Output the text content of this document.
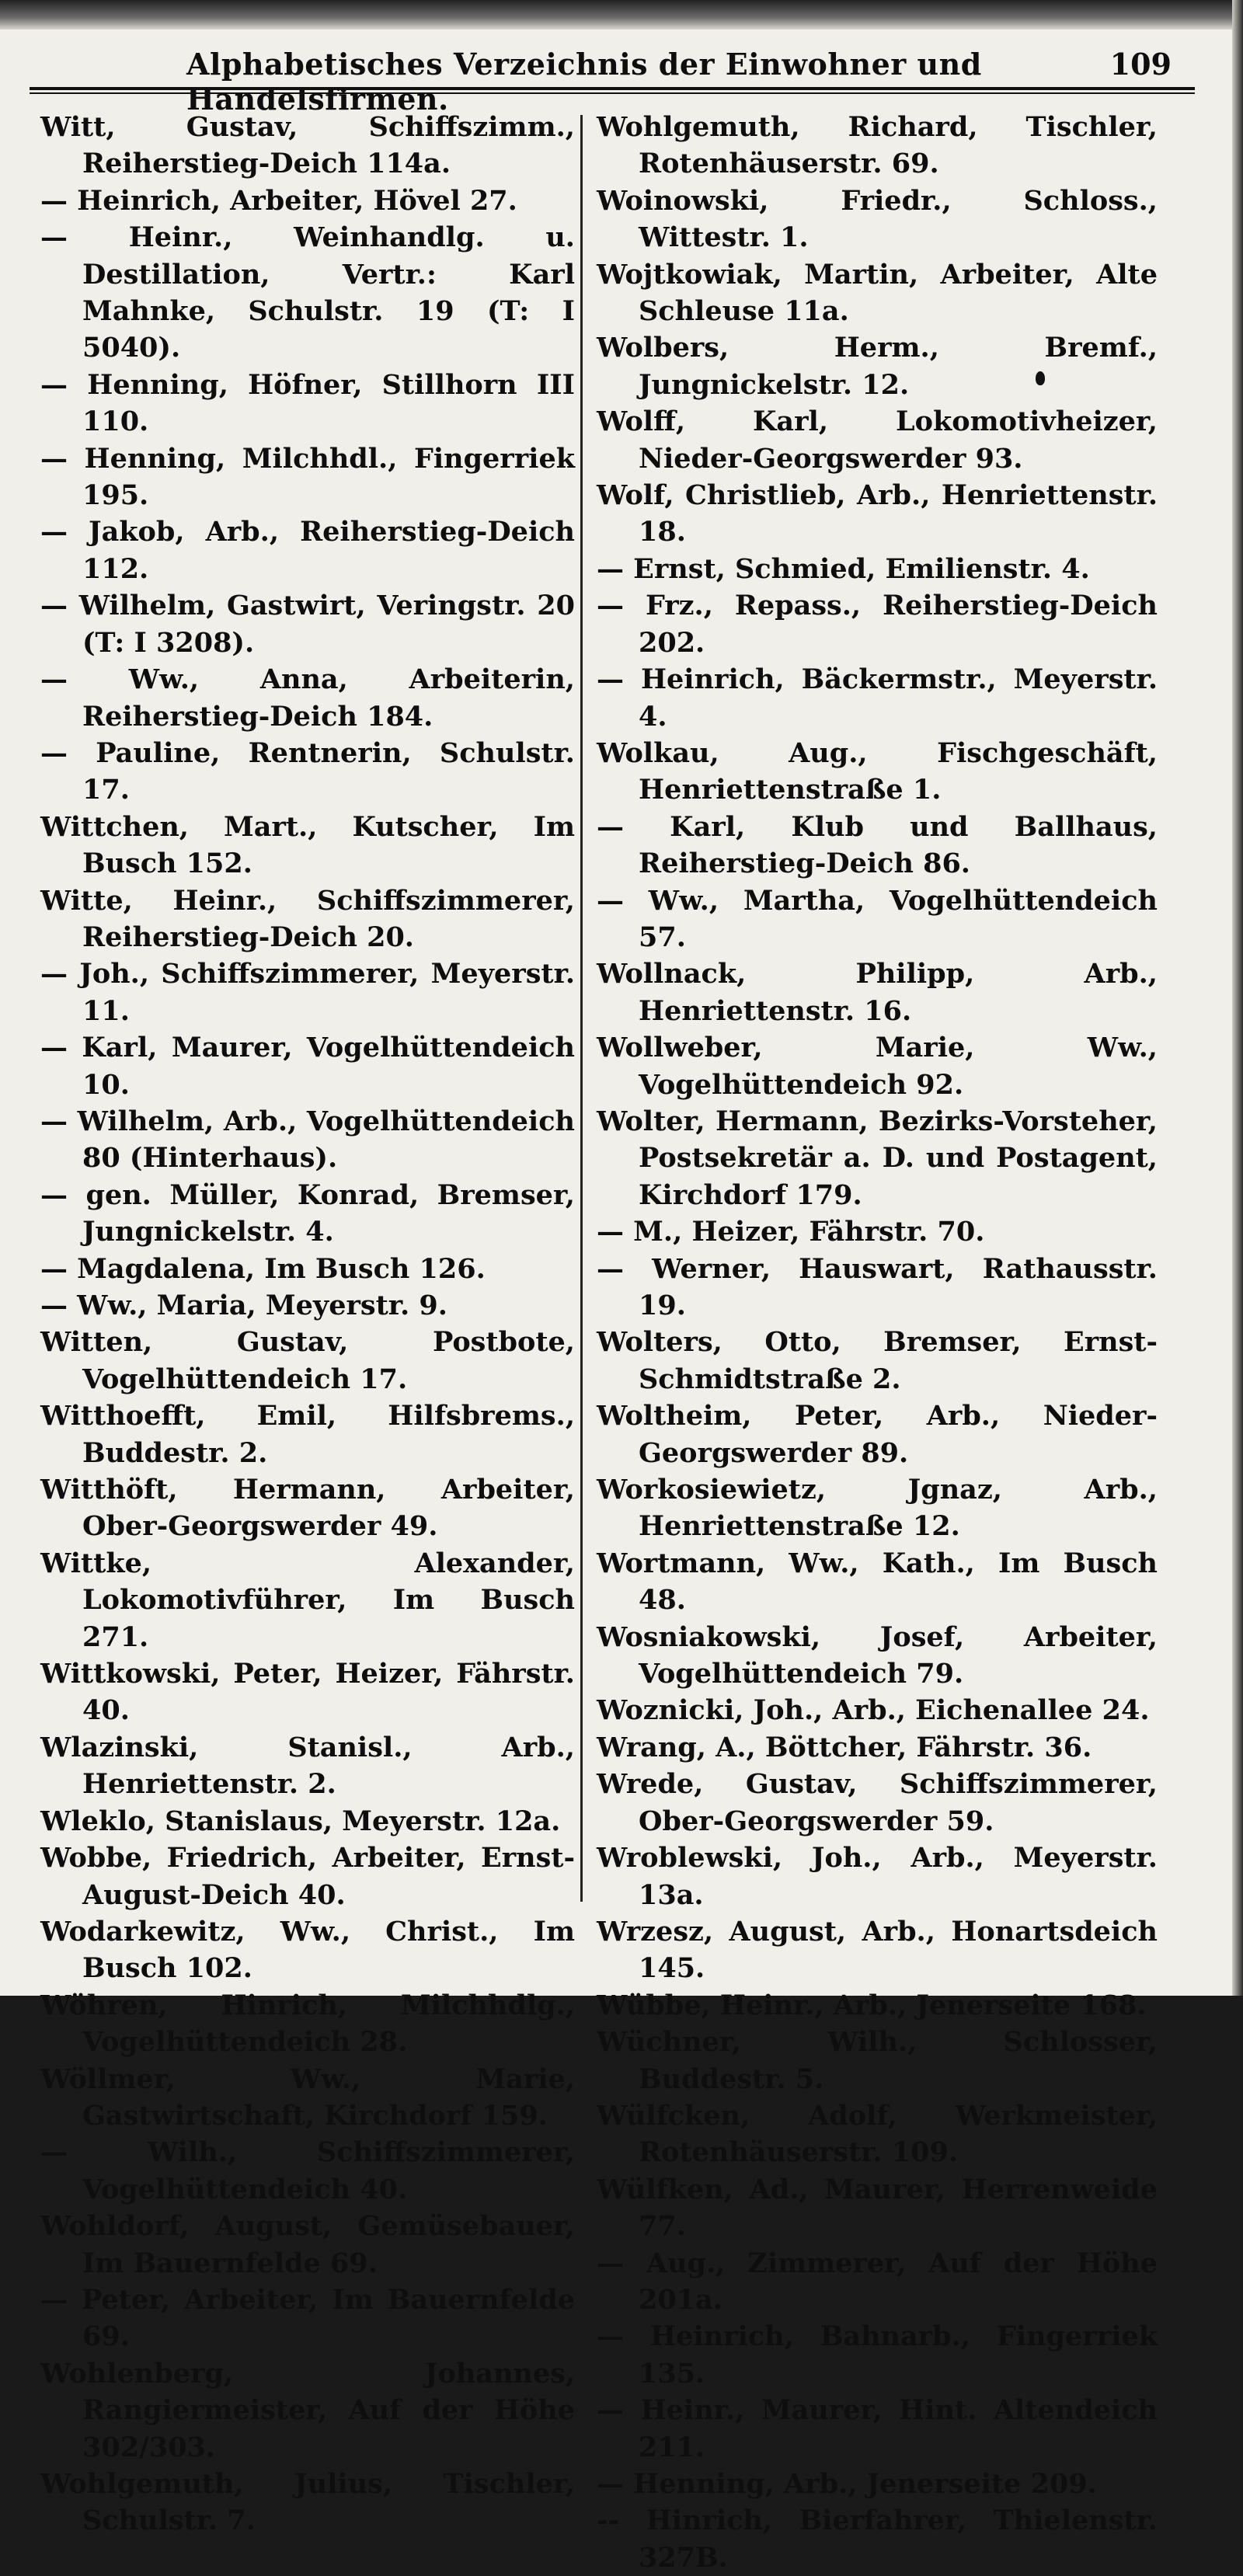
Alphabetisches Verzeichnis der Einwohner und Handelsfirmen.
109
Witt, Gustav, Schiffszimm., Reiherstieg-Deich 114a.
— Heinrich, Arbeiter, Hövel 27.
— Heinr., Weinhandlg. u. Destillation, Vertr.: Karl Mahnke, Schulstr. 19 (T: I 5040).
— Henning, Höfner, Stillhorn III 110.
— Henning, Milchhdl., Fingerriek 195.
— Jakob, Arb., Reiherstieg-Deich 112.
— Wilhelm, Gastwirt, Veringstr. 20 (T: I 3208).
— Ww., Anna, Arbeiterin, Reiherstieg-Deich 184.
— Pauline, Rentnerin, Schulstr. 17.
Wittchen, Mart., Kutscher, Im Busch 152.
Witte, Heinr., Schiffszimmerer, Reiherstieg-Deich 20.
— Joh., Schiffszimmerer, Meyerstr. 11.
— Karl, Maurer, Vogelhüttendeich 10.
— Wilhelm, Arb., Vogelhüttendeich 80 (Hinterhaus).
— gen. Müller, Konrad, Bremser, Jungnickelstr. 4.
— Magdalena, Im Busch 126.
— Ww., Maria, Meyerstr. 9.
Witten, Gustav, Postbote, Vogelhüttendeich 17.
Witthoefft, Emil, Hilfsbrems., Buddestr. 2.
Witthöft, Hermann, Arbeiter, Ober-Georgswerder 49.
Wittke, Alexander, Lokomotivführer, Im Busch 271.
Wittkowski, Peter, Heizer, Fährstr. 40.
Wlazinski, Stanisl., Arb., Henriettenstr. 2.
Wleklo, Stanislaus, Meyerstr. 12a.
Wobbe, Friedrich, Arbeiter, Ernst-August-Deich 40.
Wodarkewitz, Ww., Christ., Im Busch 102.
Wöhren, Hinrich, Milchhdlg., Vogelhüttendeich 28.
Wöllmer, Ww., Marie, Gastwirtschaft, Kirchdorf 159.
— Wilh., Schiffszimmerer, Vogelhüttendeich 40.
Wohldorf, August, Gemüsebauer, Im Bauernfelde 69.
— Peter, Arbeiter, Im Bauernfelde 69.
Wohlenberg, Johannes, Rangiermeister, Auf der Höhe 302/303.
Wohlgemuth, Julius, Tischler, Schulstr. 7.
Wohlgemuth, Richard, Tischler, Rotenhäuserstr. 69.
Woinowski, Friedr., Schloss., Wittestr. 1.
Wojtkowiak, Martin, Arbeiter, Alte Schleuse 11a.
Wolbers, Herm., Bremf., Jungnickelstr. 12.
Wolff, Karl, Lokomotivheizer, Nieder-Georgswerder 93.
Wolf, Christlieb, Arb., Henriettenstr. 18.
— Ernst, Schmied, Emilienstr. 4.
— Frz., Repass., Reiherstieg-Deich 202.
— Heinrich, Bäckermstr., Meyerstr. 4.
Wolkau, Aug., Fischgeschäft, Henriettenstraße 1.
— Karl, Klub und Ballhaus, Reiherstieg-Deich 86.
— Ww., Martha, Vogelhüttendeich 57.
Wollnack, Philipp, Arb., Henriettenstr. 16.
Wollweber, Marie, Ww., Vogelhüttendeich 92.
Wolter, Hermann, Bezirks-Vorsteher, Postsekretär a. D. und Postagent, Kirchdorf 179.
— M., Heizer, Fährstr. 70.
— Werner, Hauswart, Rathausstr. 19.
Wolters, Otto, Bremser, Ernst-Schmidtstraße 2.
Woltheim, Peter, Arb., Nieder-Georgswerder 89.
Workosiewietz, Jgnaz, Arb., Henriettenstraße 12.
Wortmann, Ww., Kath., Im Busch 48.
Wosniakowski, Josef, Arbeiter, Vogelhüttendeich 79.
Woznicki, Joh., Arb., Eichenallee 24.
Wrang, A., Böttcher, Fährstr. 36.
Wrede, Gustav, Schiffszimmerer, Ober-Georgswerder 59.
Wroblewski, Joh., Arb., Meyerstr. 13a.
Wrzesz, August, Arb., Honartsdeich 145.
Wübbe, Heinr., Arb., Jenerseite 168.
Wüchner, Wilh., Schlosser, Buddestr. 5.
Wülfcken, Adolf, Werkmeister, Rotenhäuserstr. 109.
Wülfken, Ad., Maurer, Herrenweide 77.
— Aug., Zimmerer, Auf der Höhe 201a.
— Heinrich, Bahnarb., Fingerriek 135.
— Heinr., Maurer, Hint. Altendeich 211.
— Henning, Arb., Jenerseite 209.
-- Hinrich, Bierfahrer, Thielenstr. 327B.
